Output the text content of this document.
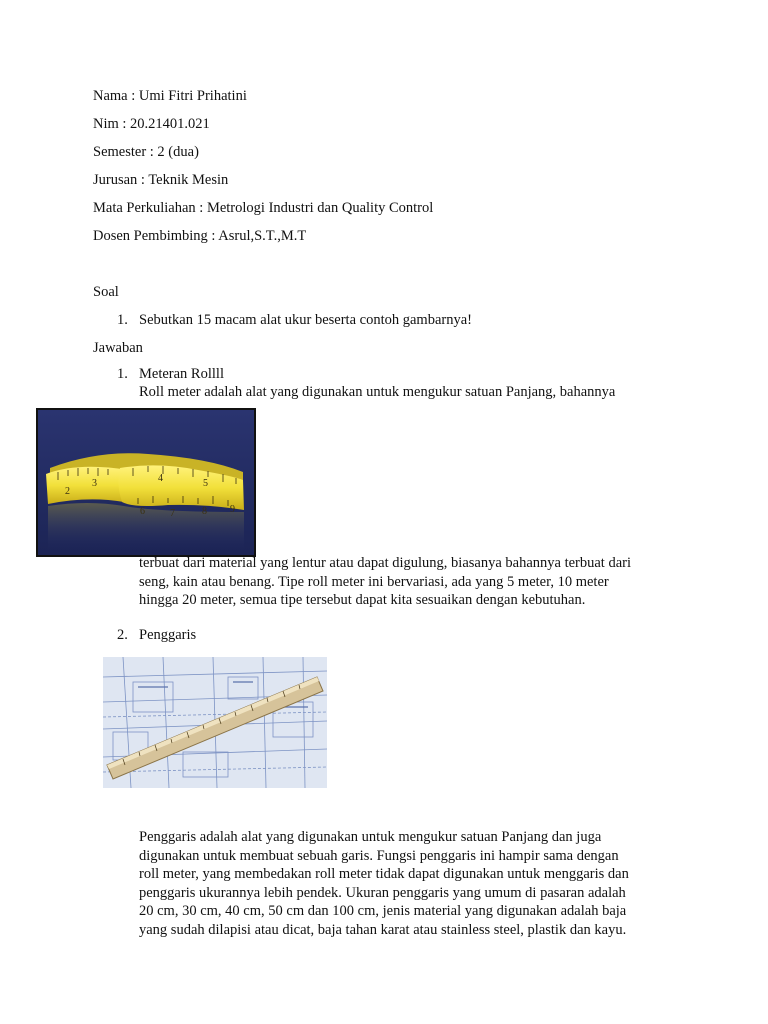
Nama : Umi Fitri Prihatini
Nim : 20.21401.021
Semester : 2 (dua)
Jurusan : Teknik Mesin
Mata Perkuliahan : Metrologi Industri dan Quality Control
Dosen Pembimbing : Asrul,S.T.,M.T
Soal
1. Sebutkan 15 macam alat ukur beserta contoh gambarnya!
Jawaban
1. Meteran Rollll
Roll meter adalah alat yang digunakan untuk mengukur satuan Panjang, bahannya
2
3	4	5
6	7	8 9
terbuat dari material yang lentur atau dapat digulung, biasanya bahannya terbuat dari
seng, kain atau benang. Tipe roll meter ini bervariasi, ada yang 5 meter, 10 meter
hingga 20 meter, semua tipe tersebut dapat kita sesuaikan dengan kebutuhan.
2. Penggaris
Penggaris adalah alat yang digunakan untuk mengukur satuan Panjang dan juga
digunakan untuk membuat sebuah garis. Fungsi penggaris ini hampir sama dengan
roll meter, yang membedakan roll meter tidak dapat digunakan untuk menggaris dan
penggaris ukurannya lebih pendek. Ukuran penggaris yang umum di pasaran adalah
20 cm, 30 cm, 40 cm, 50 cm dan 100 cm, jenis material yang digunakan adalah baja
yang sudah dilapisi atau dicat, baja tahan karat atau stainless steel, plastik dan kayu.
